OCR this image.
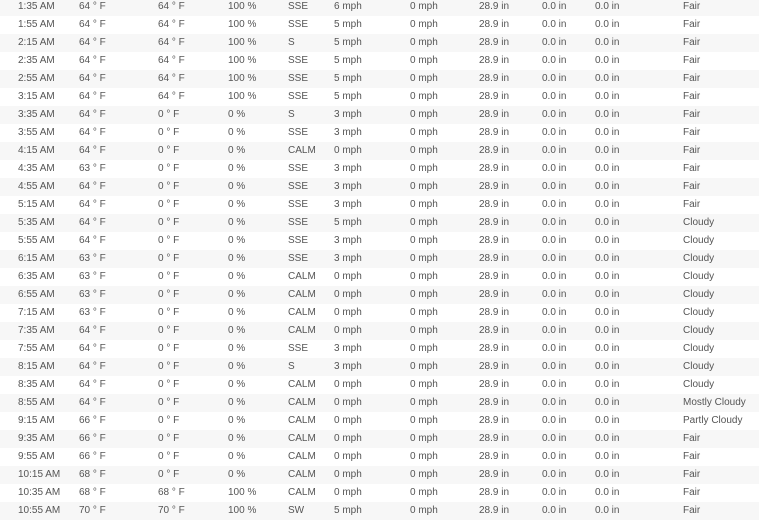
1:35 AM	64 ° F	64 ° F	100 %	SSE	6 mph	0 mph	28.9 in	0.0 in	0.0 in	Fair
1:55 AM	64 ° F	64 ° F	100 %	SSE	5 mph	0 mph	28.9 in	0.0 in	0.0 in	Fair
2:15 AM	64 ° F	64 ° F	100 %	S	5 mph	0 mph	28.9 in	0.0 in	0.0 in	Fair
2:35 AM	64 ° F	64 ° F	100 %	SSE	5 mph	0 mph	28.9 in	0.0 in	0.0 in	Fair
2:55 AM	64 ° F	64 ° F	100 %	SSE	5 mph	0 mph	28.9 in	0.0 in	0.0 in	Fair
3:15 AM	64 ° F	64 ° F	100 %	SSE	5 mph	0 mph	28.9 in	0.0 in	0.0 in	Fair
3:35 AM	64 ° F	0 ° F	0 %	S	3 mph	0 mph	28.9 in	0.0 in	0.0 in	Fair
3:55 AM	64 ° F	0 ° F	0 %	SSE	3 mph	0 mph	28.9 in	0.0 in	0.0 in	Fair
4:15 AM	64 ° F	0 ° F	0 %	CALM	0 mph	0 mph	28.9 in	0.0 in	0.0 in	Fair
4:35 AM	63 ° F	0 ° F	0 %	SSE	3 mph	0 mph	28.9 in	0.0 in	0.0 in	Fair
4:55 AM	64 ° F	0 ° F	0 %	SSE	3 mph	0 mph	28.9 in	0.0 in	0.0 in	Fair
5:15 AM	64 ° F	0 ° F	0 %	SSE	3 mph	0 mph	28.9 in	0.0 in	0.0 in	Fair
5:35 AM	64 ° F	0 ° F	0 %	SSE	5 mph	0 mph	28.9 in	0.0 in	0.0 in	Cloudy
5:55 AM	64 ° F	0 ° F	0 %	SSE	3 mph	0 mph	28.9 in	0.0 in	0.0 in	Cloudy
6:15 AM	63 ° F	0 ° F	0 %	SSE	3 mph	0 mph	28.9 in	0.0 in	0.0 in	Cloudy
6:35 AM	63 ° F	0 ° F	0 %	CALM	0 mph	0 mph	28.9 in	0.0 in	0.0 in	Cloudy
6:55 AM	63 ° F	0 ° F	0 %	CALM	0 mph	0 mph	28.9 in	0.0 in	0.0 in	Cloudy
7:15 AM	63 ° F	0 ° F	0 %	CALM	0 mph	0 mph	28.9 in	0.0 in	0.0 in	Cloudy
7:35 AM	64 ° F	0 ° F	0 %	CALM	0 mph	0 mph	28.9 in	0.0 in	0.0 in	Cloudy
7:55 AM	64 ° F	0 ° F	0 %	SSE	3 mph	0 mph	28.9 in	0.0 in	0.0 in	Cloudy
8:15 AM	64 ° F	0 ° F	0 %	S	3 mph	0 mph	28.9 in	0.0 in	0.0 in	Cloudy
8:35 AM	64 ° F	0 ° F	0 %	CALM	0 mph	0 mph	28.9 in	0.0 in	0.0 in	Cloudy
8:55 AM	64 ° F	0 ° F	0 %	CALM	0 mph	0 mph	28.9 in	0.0 in	0.0 in	Mostly Cloudy
9:15 AM	66 ° F	0 ° F	0 %	CALM	0 mph	0 mph	28.9 in	0.0 in	0.0 in	Partly Cloudy
9:35 AM	66 ° F	0 ° F	0 %	CALM	0 mph	0 mph	28.9 in	0.0 in	0.0 in	Fair
9:55 AM	66 ° F	0 ° F	0 %	CALM	0 mph	0 mph	28.9 in	0.0 in	0.0 in	Fair
10:15 AM	68 ° F	0 ° F	0 %	CALM	0 mph	0 mph	28.9 in	0.0 in	0.0 in	Fair
10:35 AM	68 ° F	68 ° F	100 %	CALM	0 mph	0 mph	28.9 in	0.0 in	0.0 in	Fair
10:55 AM	70 ° F	70 ° F	100 %	SW	5 mph	0 mph	28.9 in	0.0 in	0.0 in	Fair
